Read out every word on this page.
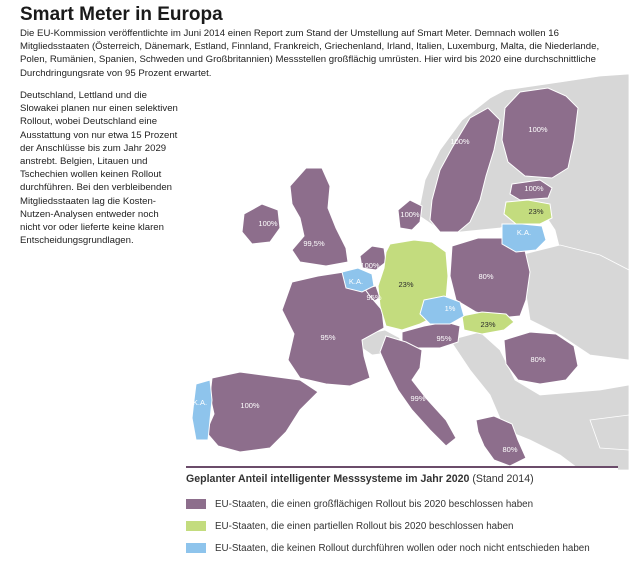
Smart Meter in Europa

Die EU-Kommission veröffentlichte im Juni 2014 einen Report zum Stand der Umstellung auf Smart Meter. Demnach wollen 16 Mitgliedsstaaten (Österreich, Dänemark, Estland, Finnland, Frankreich, Griechenland, Irland, Italien, Luxemburg, Malta, die Niederlande, Polen, Rumänien, Spanien, Schweden und Großbritannien) Messstellen großflächig umrüsten. Hier wird bis 2020 eine durchschnittliche Durchdringungsrate von 95 Prozent erwartet.

Deutschland, Lettland und die Slowakei planen nur einen selektiven Rollout, wobei Deutschland eine Ausstattung von nur etwa 15 Prozent der Anschlüsse bis zum Jahr 2029 anstrebt. Belgien, Litauen und Tschechien wollen keinen Rollout durchführen. Bei den verbleibenden Mitgliedsstaaten lag die Kosten-Nutzen-Analysen entweder noch nicht vor oder lieferte keine klaren Entscheidungsgrundlagen.

100%
100%
100%
23%
K.A.
100%
100%
99,5%
100%
K.A.
95%
23%
80%
1%
23%
95%
95%
K.A.	100%
99%
80%
80%
Geplanter Anteil intelligenter Messsysteme im Jahr 2020 (Stand 2014)
EU-Staaten, die einen großflächigen Rollout bis 2020 beschlossen haben
EU-Staaten, die einen partiellen Rollout bis 2020 beschlossen haben
EU-Staaten, die keinen Rollout durchführen wollen oder noch nicht entschieden haben
